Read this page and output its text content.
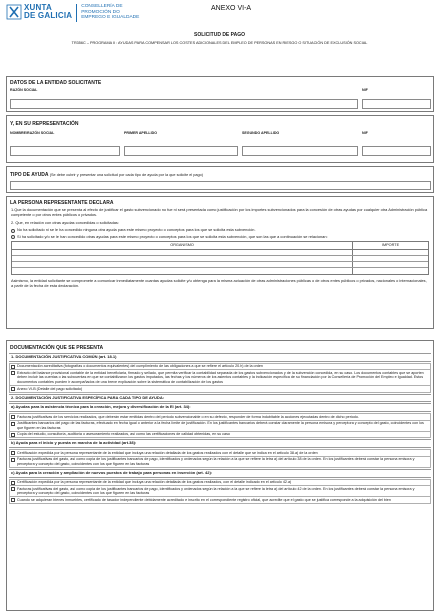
XUNTA
DE GALICIA
CONSELLERÍA DE PROMOCIÓN DO EMPREGO E IGUALDADE
ANEXO VI-A
SOLICITUD DE PAGO
TR356C – PROGRAMA II : AYUDAS PARA COMPENSAR LOS COSTES ADICIONALES DEL EMPLEO DE PERSONAS EN RIESGO O SITUACIÓN DE EXCLUSIÓN SOCIAL
DATOS DE LA ENTIDAD SOLICITANTE
RAZÓN SOCIAL	NIF
Y, EN SU REPRESENTACIÓN
NOMBRE/RAZÓN SOCIAL	PRIMER APELLIDO	SEGUNDO APELLIDO	NIF
TIPO DE AYUDA (Se debe cubrir y presentar una solicitud por cada tipo de ayuda por la que solicite el pago)
LA PERSONA REPRESENTANTE DECLARA
1.Que la documentación que se presenta al efecto de justificar el gasto subvencionado no fue ni será presentada como justificación por los importes subvencionados para la concesión de otras ayudas por cualquier otra Administración pública competente o por otros entes públicos o privados.
2. Que, en relación con otras ayudas concedidas o solicitadas:
No ha solicitado ni se le ha concedido ninguna otra ayuda para este mismo proyecto o conceptos para los que se solicita esta subvención.
Sí ha solicitado y/o se le han concedido otras ayudas para este mismo proyecto o conceptos para los que se solicita esta subvención, que son las que a continuación se relacionan:
ORGANISMO	IMPORTE
Asimismo, la entidad solicitante se compromete a comunicar inmediatamente cuantas ayudas solicite y/u obtenga para la misma actuación de otras administraciones públicas o de otros entes públicos o privados, nacionales o internacionales, a partir de la fecha de esta declaración.
DOCUMENTACIÓN QUE SE PRESENTA
1. DOCUMENTACIÓN JUSTIFICATIVA COMÚN (art. 18.1)
Documentación acreditativa (fotografías o documentos equivalentes) del cumplimiento de las obligaciones a que se refiere el artículo 20.h) de la orden
Extracto del balance provisional contable de la entidad beneficiaria, firmado y sellado, que permita verificar la contabilidad separada de los gastos subvencionados y de la subvención concedida, en su caso. Los documentos contables que se aporten deben incluir las cuentas o las subcuentas en que se contabilizaron los gastos imputados, las fechas y los números de los asientos contables y la indicación específica de su financiación por la Consellería de Promoción del Empleo e Igualdad. Estos documentos contables pueden ir acompañados de una breve explicación sobre la sistemática de contabilización de los gastos
Anexo VI-B (Detalle del pago solicitado)
2. DOCUMENTACIÓN JUSTIFICATIVA ESPECÍFICA PARA CADA TIPO DE AYUDA:
a) Ayudas para la asistencia técnica para la creación, mejora y diversificación de la EI (art. 34):
Facturas justificativas de los servicios realizados, que deberán estar emitidas dentro del periodo subvencionable o en su defecto, responder de forma indubitable la acciones ejecutadas dentro de dicho periodo.
Justificantes bancarios del pago de las facturas, efectuado en fecha igual o anterior a la fecha límite de justificación. En los justificantes bancarios deberá constar claramente la persona emisora y perceptora y concepto del gasto, coincidentes con los que figuren en las facturas
Copia del estudio, consultoría, auditoría o asesoramiento realizados, así como las certificaciones de calidad obtenidas, en su caso
b) Ayuda para el inicio y puesta en marcha de la actividad (art.38):
Certificación expedida por la persona representante de la entidad que incluya una relación detallada de los gastos realizados con el detalle que se indica en el artículo 38.a) de la orden
Facturas justificativas del gasto, así como copia de los justificantes bancarios de pago, identificados y ordenados según la relación a la que se refiere la letra a) del artículo 38 de la orden. En los justificantes deberá constar la persona emisora y perceptora y concepto del gasto, coincidentes con los que figuren en las facturas
c) Ayuda para la creación y ampliación de nuevos puestos de trabajo para personas en inserción (art. 42):
Certificación expedida por la persona representante de la entidad que incluya una relación detallada de los gastos realizados, con el detalle indicado en el artículo 42.a)
Facturas justificativas del gasto, así como copia de los justificantes bancarios de pago, identificados y ordenados según la relación a la que se refiere la letra a) del artículo 42 de la orden. En los justificantes deberá constar la persona emisora y perceptora y concepto del gasto, coincidentes con los que figuren en las facturas
Cuando se adquieran bienes inmuebles, certificado de tasador independiente debidamente acreditado e inscrito en el correspondiente registro oficial, que acredite que el gasto que se justifica corresponde a la adquisición del bien
